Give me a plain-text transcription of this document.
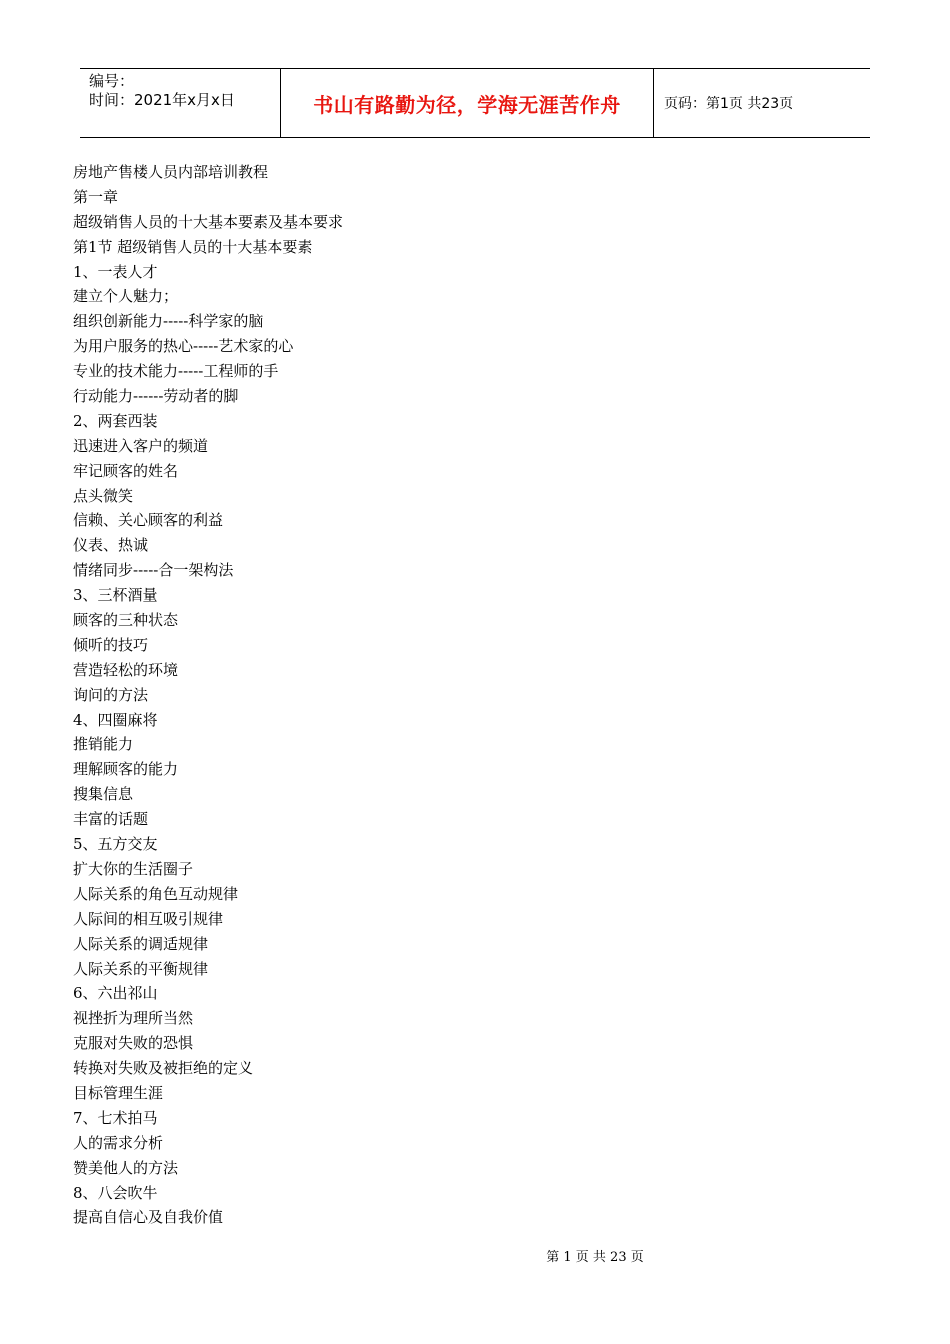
编号：
时间：2021年x月x日	书山有路勤为径，学海无涯苦作舟	页码：第1页 共23页
房地产售楼人员内部培训教程
第一章
超级销售人员的十大基本要素及基本要求
第1节 超级销售人员的十大基本要素
1、一表人才
建立个人魅力；
组织创新能力-----科学家的脑
为用户服务的热心-----艺术家的心
专业的技术能力-----工程师的手
行动能力------劳动者的脚
2、两套西装
迅速进入客户的频道
牢记顾客的姓名
点头微笑
信赖、关心顾客的利益
仪表、热诚
情绪同步-----合一架构法
3、三杯酒量
顾客的三种状态
倾听的技巧
营造轻松的环境
询问的方法
4、四圈麻将
推销能力
理解顾客的能力
搜集信息
丰富的话题
5、五方交友
扩大你的生活圈子
人际关系的角色互动规律
人际间的相互吸引规律
人际关系的调适规律
人际关系的平衡规律
6、六出祁山
视挫折为理所当然
克服对失败的恐惧
转换对失败及被拒绝的定义
目标管理生涯
7、七术拍马
人的需求分析
赞美他人的方法
8、八会吹牛
提高自信心及自我价值
第 1 页 共 23 页
